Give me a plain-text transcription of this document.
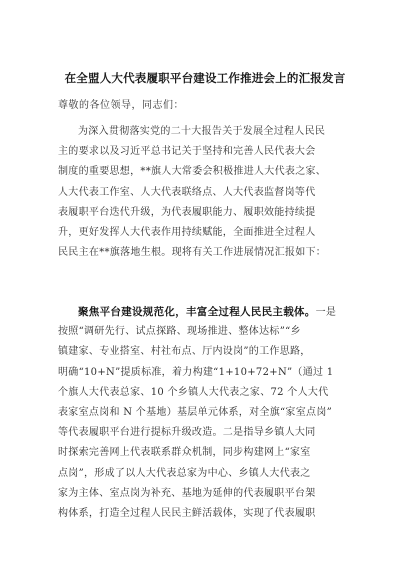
在全盟人大代表履职平台建设工作推进会上的汇报发言
尊敬的各位领导，同志们：
为深入贯彻落实党的二十大报告关于发展全过程人民民
主的要求以及习近平总书记关于坚持和完善人民代表大会
制度的重要思想，**旗人大常委会积极推进人大代表之家、
人大代表工作室、人大代表联络点、人大代表监督岗等代
表履职平台迭代升级，为代表履职能力、履职效能持续提
升，更好发挥人大代表作用持续赋能，全面推进全过程人
民民主在**旗落地生根。现将有关工作进展情况汇报如下：
聚焦平台建设规范化，丰富全过程人民民主载体。一是
按照“调研先行、试点探路、现场推进、整体达标”“乡
镇建家、专业搭室、村社布点、厅内设岗”的工作思路，
明确“10+N”提质标准，着力构建“1+10+72+N”（通过 1
个旗人大代表总家、10 个乡镇人大代表之家、72 个人大代
表家室点岗和 N 个基地）基层单元体系，对全旗“家室点岗”
等代表履职平台进行提标升级改造。二是指导乡镇人大同
时探索完善网上代表联系群众机制，同步构建网上“家室
点岗”，形成了以人大代表总家为中心、乡镇人大代表之
家为主体、室点岗为补充、基地为延伸的代表履职平台架
构体系，打造全过程人民民主鲜活载体，实现了代表履职
